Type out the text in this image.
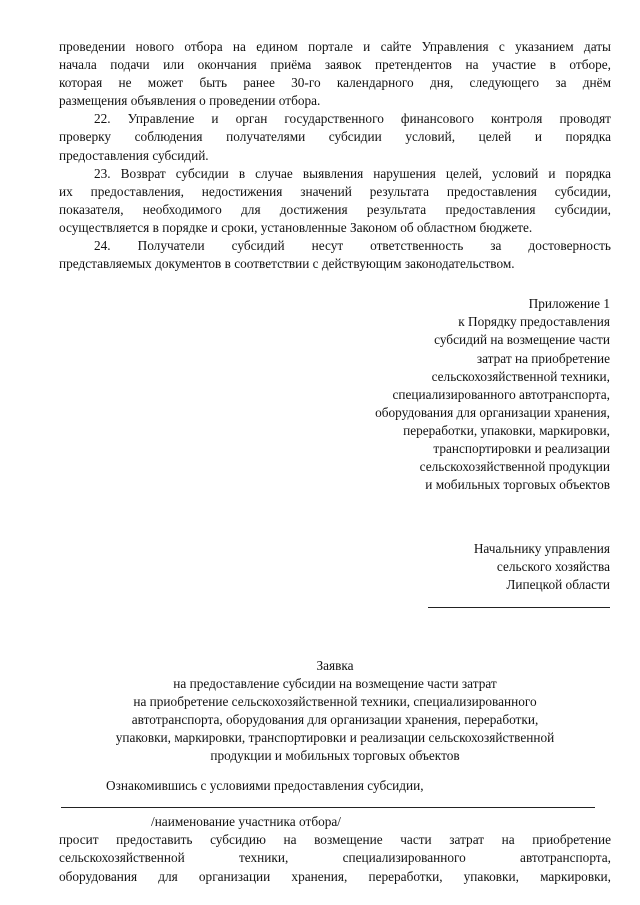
проведении нового отбора на едином портале и сайте Управления с указанием даты
начала подачи или окончания приёма заявок претендентов на участие в отборе,
которая не может быть ранее 30-го календарного дня, следующего за днём
размещения объявления о проведении отбора.
22. Управление и орган государственного финансового контроля проводят
проверку соблюдения получателями субсидии условий, целей и порядка
предоставления субсидий.
23. Возврат субсидии в случае выявления нарушения целей, условий и порядка
их предоставления, недостижения значений результата предоставления субсидии,
показателя, необходимого для достижения результата предоставления субсидии,
осуществляется в порядке и сроки, установленные Законом об областном бюджете.
24. Получатели субсидий несут ответственность за достоверность
представляемых документов в соответствии с действующим законодательством.
Приложение 1
к Порядку предоставления
субсидий на возмещение части
затрат на приобретение
сельскохозяйственной техники,
специализированного автотранспорта,
оборудования для организации хранения,
переработки, упаковки, маркировки,
транспортировки и реализации
сельскохозяйственной продукции
и мобильных торговых объектов
Начальнику управления
сельского хозяйства
Липецкой области
Заявка
на предоставление субсидии на возмещение части затрат
на приобретение сельскохозяйственной техники, специализированного
автотранспорта, оборудования для организации хранения, переработки,
упаковки, маркировки, транспортировки и реализации сельскохозяйственной
продукции и мобильных торговых объектов
Ознакомившись с условиями предоставления субсидии,
/наименование участника отбора/
просит предоставить субсидию на возмещение части затрат на приобретение
сельскохозяйственной техники, специализированного автотранспорта,
оборудования для организации хранения, переработки, упаковки, маркировки,
